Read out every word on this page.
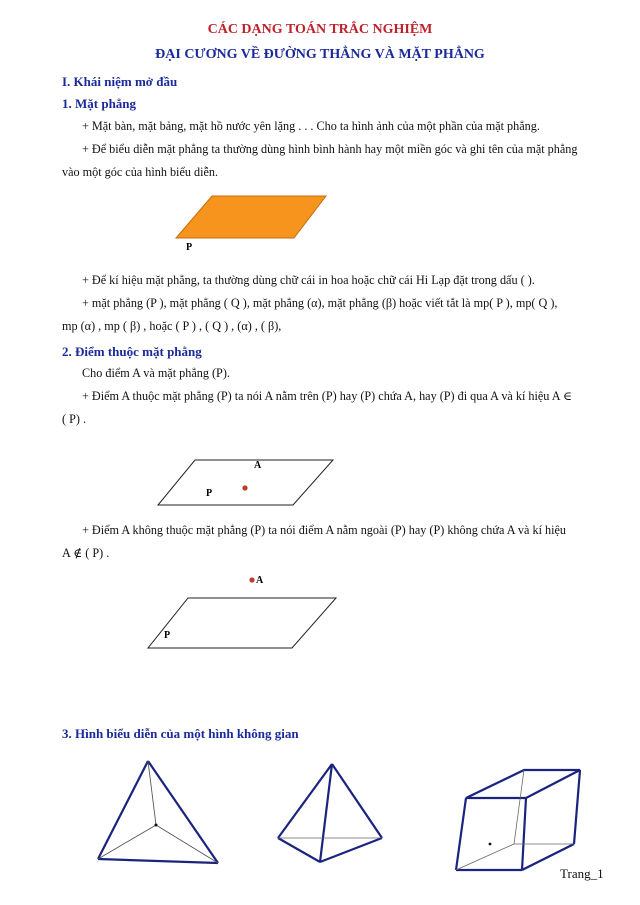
CÁC DẠNG TOÁN TRẮC NGHIỆM
ĐẠI CƯƠNG VỀ ĐƯỜNG THẲNG VÀ MẶT PHẲNG
I. Khái niệm mở đầu
1. Mặt phẳng
+ Mặt bàn, mặt bảng, mặt hồ nước yên lặng . . . Cho ta hình ảnh của một phần của mặt phẳng.
+ Để biểu diễn mặt phẳng ta thường dùng hình bình hành hay một miền góc và ghi tên của mặt phẳng
vào một góc của hình biểu diễn.
P
+ Để kí hiệu mặt phẳng, ta thường dùng chữ cái in hoa hoặc chữ cái Hi Lạp đặt trong dấu ( ).
+ mặt phẳng (P ), mặt phẳng ( Q ), mặt phẳng (α), mặt phẳng (β) hoặc viết tắt là mp( P ), mp( Q ),
mp (α) , mp ( β) , hoặc ( P ) , ( Q ) , (α) , ( β),
2. Điểm thuộc mặt phẳng
Cho điểm A và mặt phẳng (P).
+ Điểm A thuộc mặt phẳng (P) ta nói A nằm trên (P) hay (P) chứa A, hay (P) đi qua A và kí hiệu A ∈
( P) .
A
P
+ Điểm A không thuộc mặt phẳng (P) ta nói điểm A nằm ngoài (P) hay (P) không chứa A và kí hiệu
A ∉ ( P) .
A
P
3. Hình biểu diễn của một hình không gian
Trang_1
